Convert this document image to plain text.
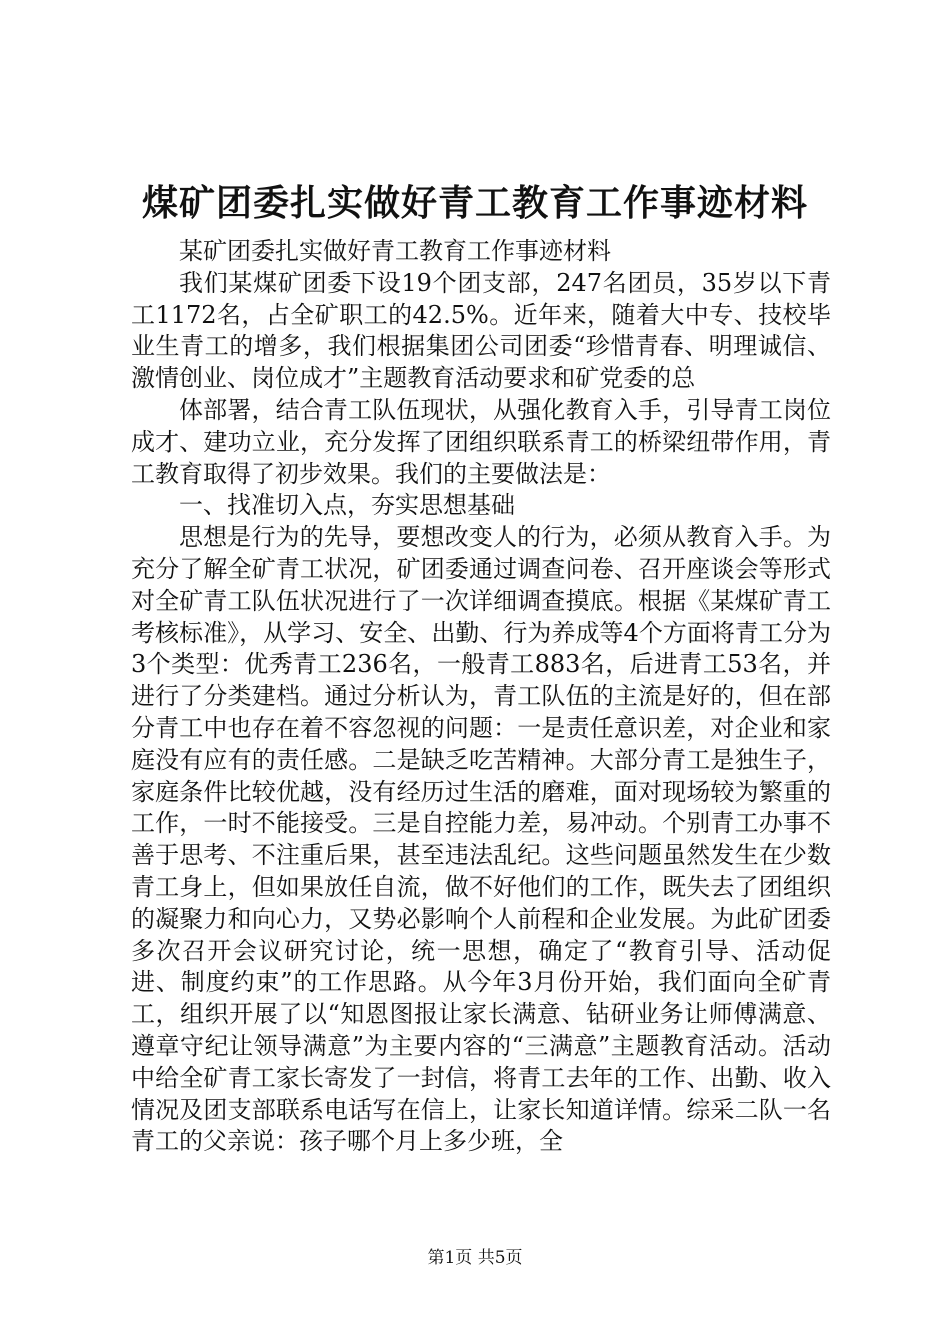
煤矿团委扎实做好青工教育工作事迹材料

某矿团委扎实做好青工教育工作事迹材料

我们某煤矿团委下设19个团支部，247名团员，35岁以下青工1172名，占全矿职工的42.5%。近年来，随着大中专、技校毕业生青工的增多，我们根据集团公司团委“珍惜青春、明理诚信、激情创业、岗位成才”主题教育活动要求和矿党委的总

体部署，结合青工队伍现状，从强化教育入手，引导青工岗位成才、建功立业，充分发挥了团组织联系青工的桥梁纽带作用，青工教育取得了初步效果。我们的主要做法是：

一、找准切入点，夯实思想基础

思想是行为的先导，要想改变人的行为，必须从教育入手。为充分了解全矿青工状况，矿团委通过调查问卷、召开座谈会等形式对全矿青工队伍状况进行了一次详细调查摸底。根据《某煤矿青工考核标准》，从学习、安全、出勤、行为养成等4个方面将青工分为3个类型：优秀青工236名，一般青工883名，后进青工53名，并进行了分类建档。通过分析认为，青工队伍的主流是好的，但在部分青工中也存在着不容忽视的问题：一是责任意识差，对企业和家庭没有应有的责任感。二是缺乏吃苦精神。大部分青工是独生子，家庭条件比较优越，没有经历过生活的磨难，面对现场较为繁重的工作，一时不能接受。三是自控能力差，易冲动。个别青工办事不善于思考、不注重后果，甚至违法乱纪。这些问题虽然发生在少数青工身上，但如果放任自流，做不好他们的工作，既失去了团组织的凝聚力和向心力，又势必影响个人前程和企业发展。为此矿团委多次召开会议研究讨论，统一思想，确定了“教育引导、活动促进、制度约束”的工作思路。从今年3月份开始，我们面向全矿青工，组织开展了以“知恩图报让家长满意、钻研业务让师傅满意、遵章守纪让领导满意”为主要内容的“三满意”主题教育活动。活动中给全矿青工家长寄发了一封信，将青工去年的工作、出勤、收入情况及团支部联系电话写在信上，让家长知道详情。综采二队一名青工的父亲说：孩子哪个月上多少班，全

第1页 共5页
